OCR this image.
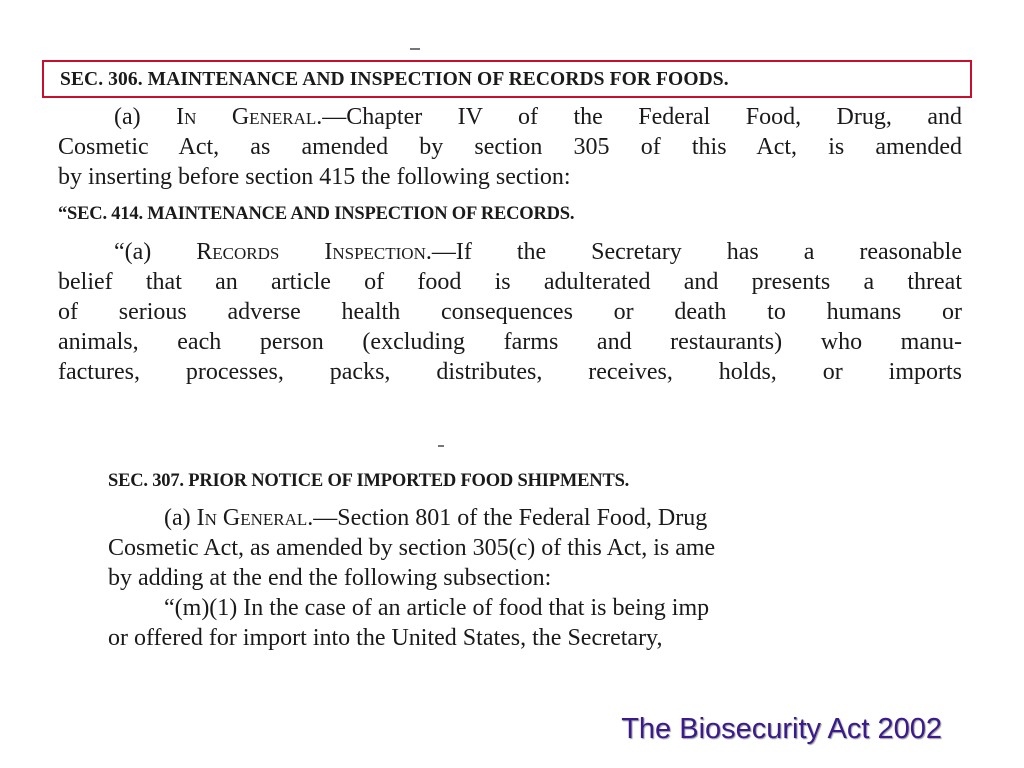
SEC. 306. MAINTENANCE AND INSPECTION OF RECORDS FOR FOODS.

(a) In General.—Chapter IV of the Federal Food, Drug, and
Cosmetic Act, as amended by section 305 of this Act, is amended
by inserting before section 415 the following section:

“SEC. 414. MAINTENANCE AND INSPECTION OF RECORDS.

“(a) Records Inspection.—If the Secretary has a reasonable
belief that an article of food is adulterated and presents a threat
of serious adverse health consequences or death to humans or
animals, each person (excluding farms and restaurants) who manu-
factures, processes, packs, distributes, receives, holds, or imports

SEC. 307. PRIOR NOTICE OF IMPORTED FOOD SHIPMENTS.

(a) In General.—Section 801 of the Federal Food, Drug
Cosmetic Act, as amended by section 305(c) of this Act, is ame
by adding at the end the following subsection:
“(m)(1) In the case of an article of food that is being imp
or offered for import into the United States, the Secretary,

The Biosecurity Act 2002
